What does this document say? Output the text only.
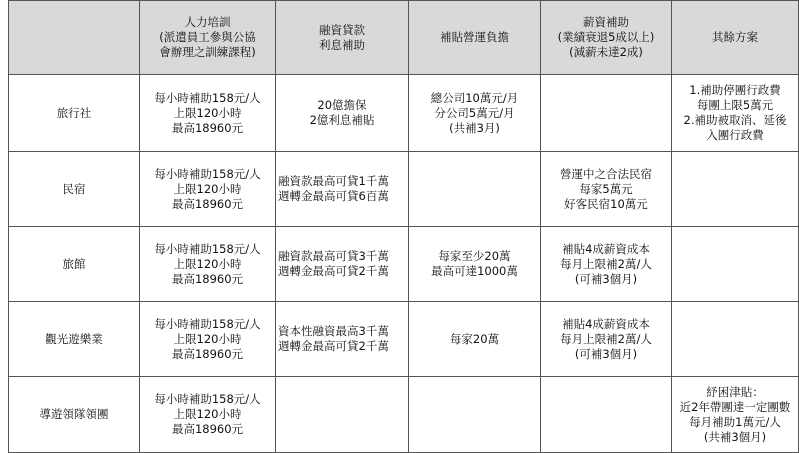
	人力培訓
(派遣員工參與公協
會辦理之訓練課程)	融資貸款
利息補助	補貼營運負擔	薪資補助
(業績衰退5成以上)
(減薪未達2成)	其餘方案
旅行社	每小時補助158元/人
上限120小時
最高18960元	20億擔保
2億利息補貼	總公司10萬元/月
分公司5萬元/月
(共補3月)		1.補助停團行政費
每團上限5萬元
2.補助被取消、延後
入團行政費
民宿	每小時補助158元/人
上限120小時
最高18960元	融資款最高可貸1千萬
週轉金最高可貸6百萬		營運中之合法民宿
每家5萬元
好客民宿10萬元	
旅館	每小時補助158元/人
上限120小時
最高18960元	融資款最高可貸3千萬
週轉金最高可貸2千萬	每家至少20萬
最高可達1000萬	補貼4成薪資成本
每月上限補2萬/人
(可補3個月)	
觀光遊樂業	每小時補助158元/人
上限120小時
最高18960元	資本性融資最高3千萬
週轉金最高可貸2千萬	每家20萬	補貼4成薪資成本
每月上限補2萬/人
(可補3個月)	
導遊領隊領團	每小時補助158元/人
上限120小時
最高18960元				紓困津貼：
近2年帶團達一定團數
每月補助1萬元/人
(共補3個月)
